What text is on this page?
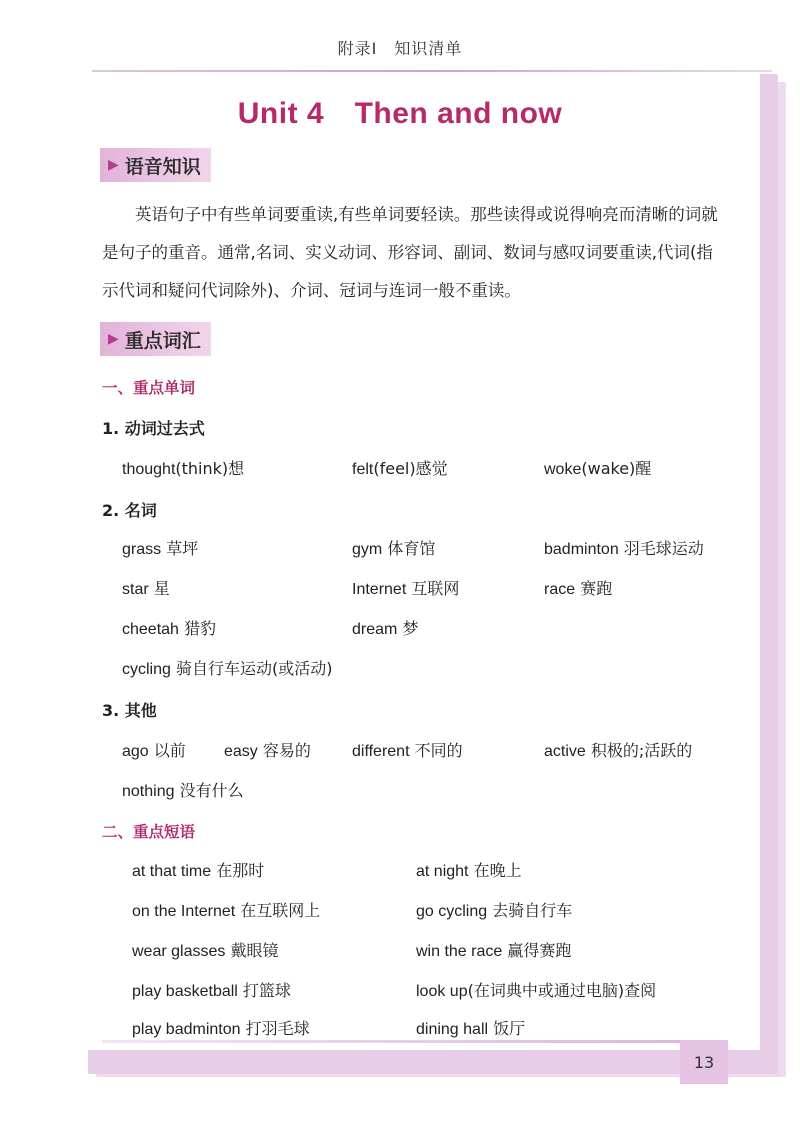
附录Ⅰ　知识清单
Unit 4　Then and now
▶ 语音知识
英语句子中有些单词要重读,有些单词要轻读。那些读得或说得响亮而清晰的词就是句子的重音。通常,名词、实义动词、形容词、副词、数词与感叹词要重读,代词(指示代词和疑问代词除外)、介词、冠词与连词一般不重读。
▶ 重点词汇
一、重点单词
1. 动词过去式
thought(think)想	felt(feel)感觉	woke(wake)醒
2. 名词
grass 草坪	gym 体育馆	badminton 羽毛球运动
star 星	Internet 互联网	race 赛跑
cheetah 猎豹	dream 梦
cycling 骑自行车运动(或活动)
3. 其他
ago 以前 easy 容易的	different 不同的	active 积极的;活跃的
nothing 没有什么
二、重点短语
at that time 在那时	at night 在晚上
on the Internet 在互联网上	go cycling 去骑自行车
wear glasses 戴眼镜	win the race 赢得赛跑
play basketball 打篮球	look up(在词典中或通过电脑)查阅
play badminton 打羽毛球	dining hall 饭厅
13
